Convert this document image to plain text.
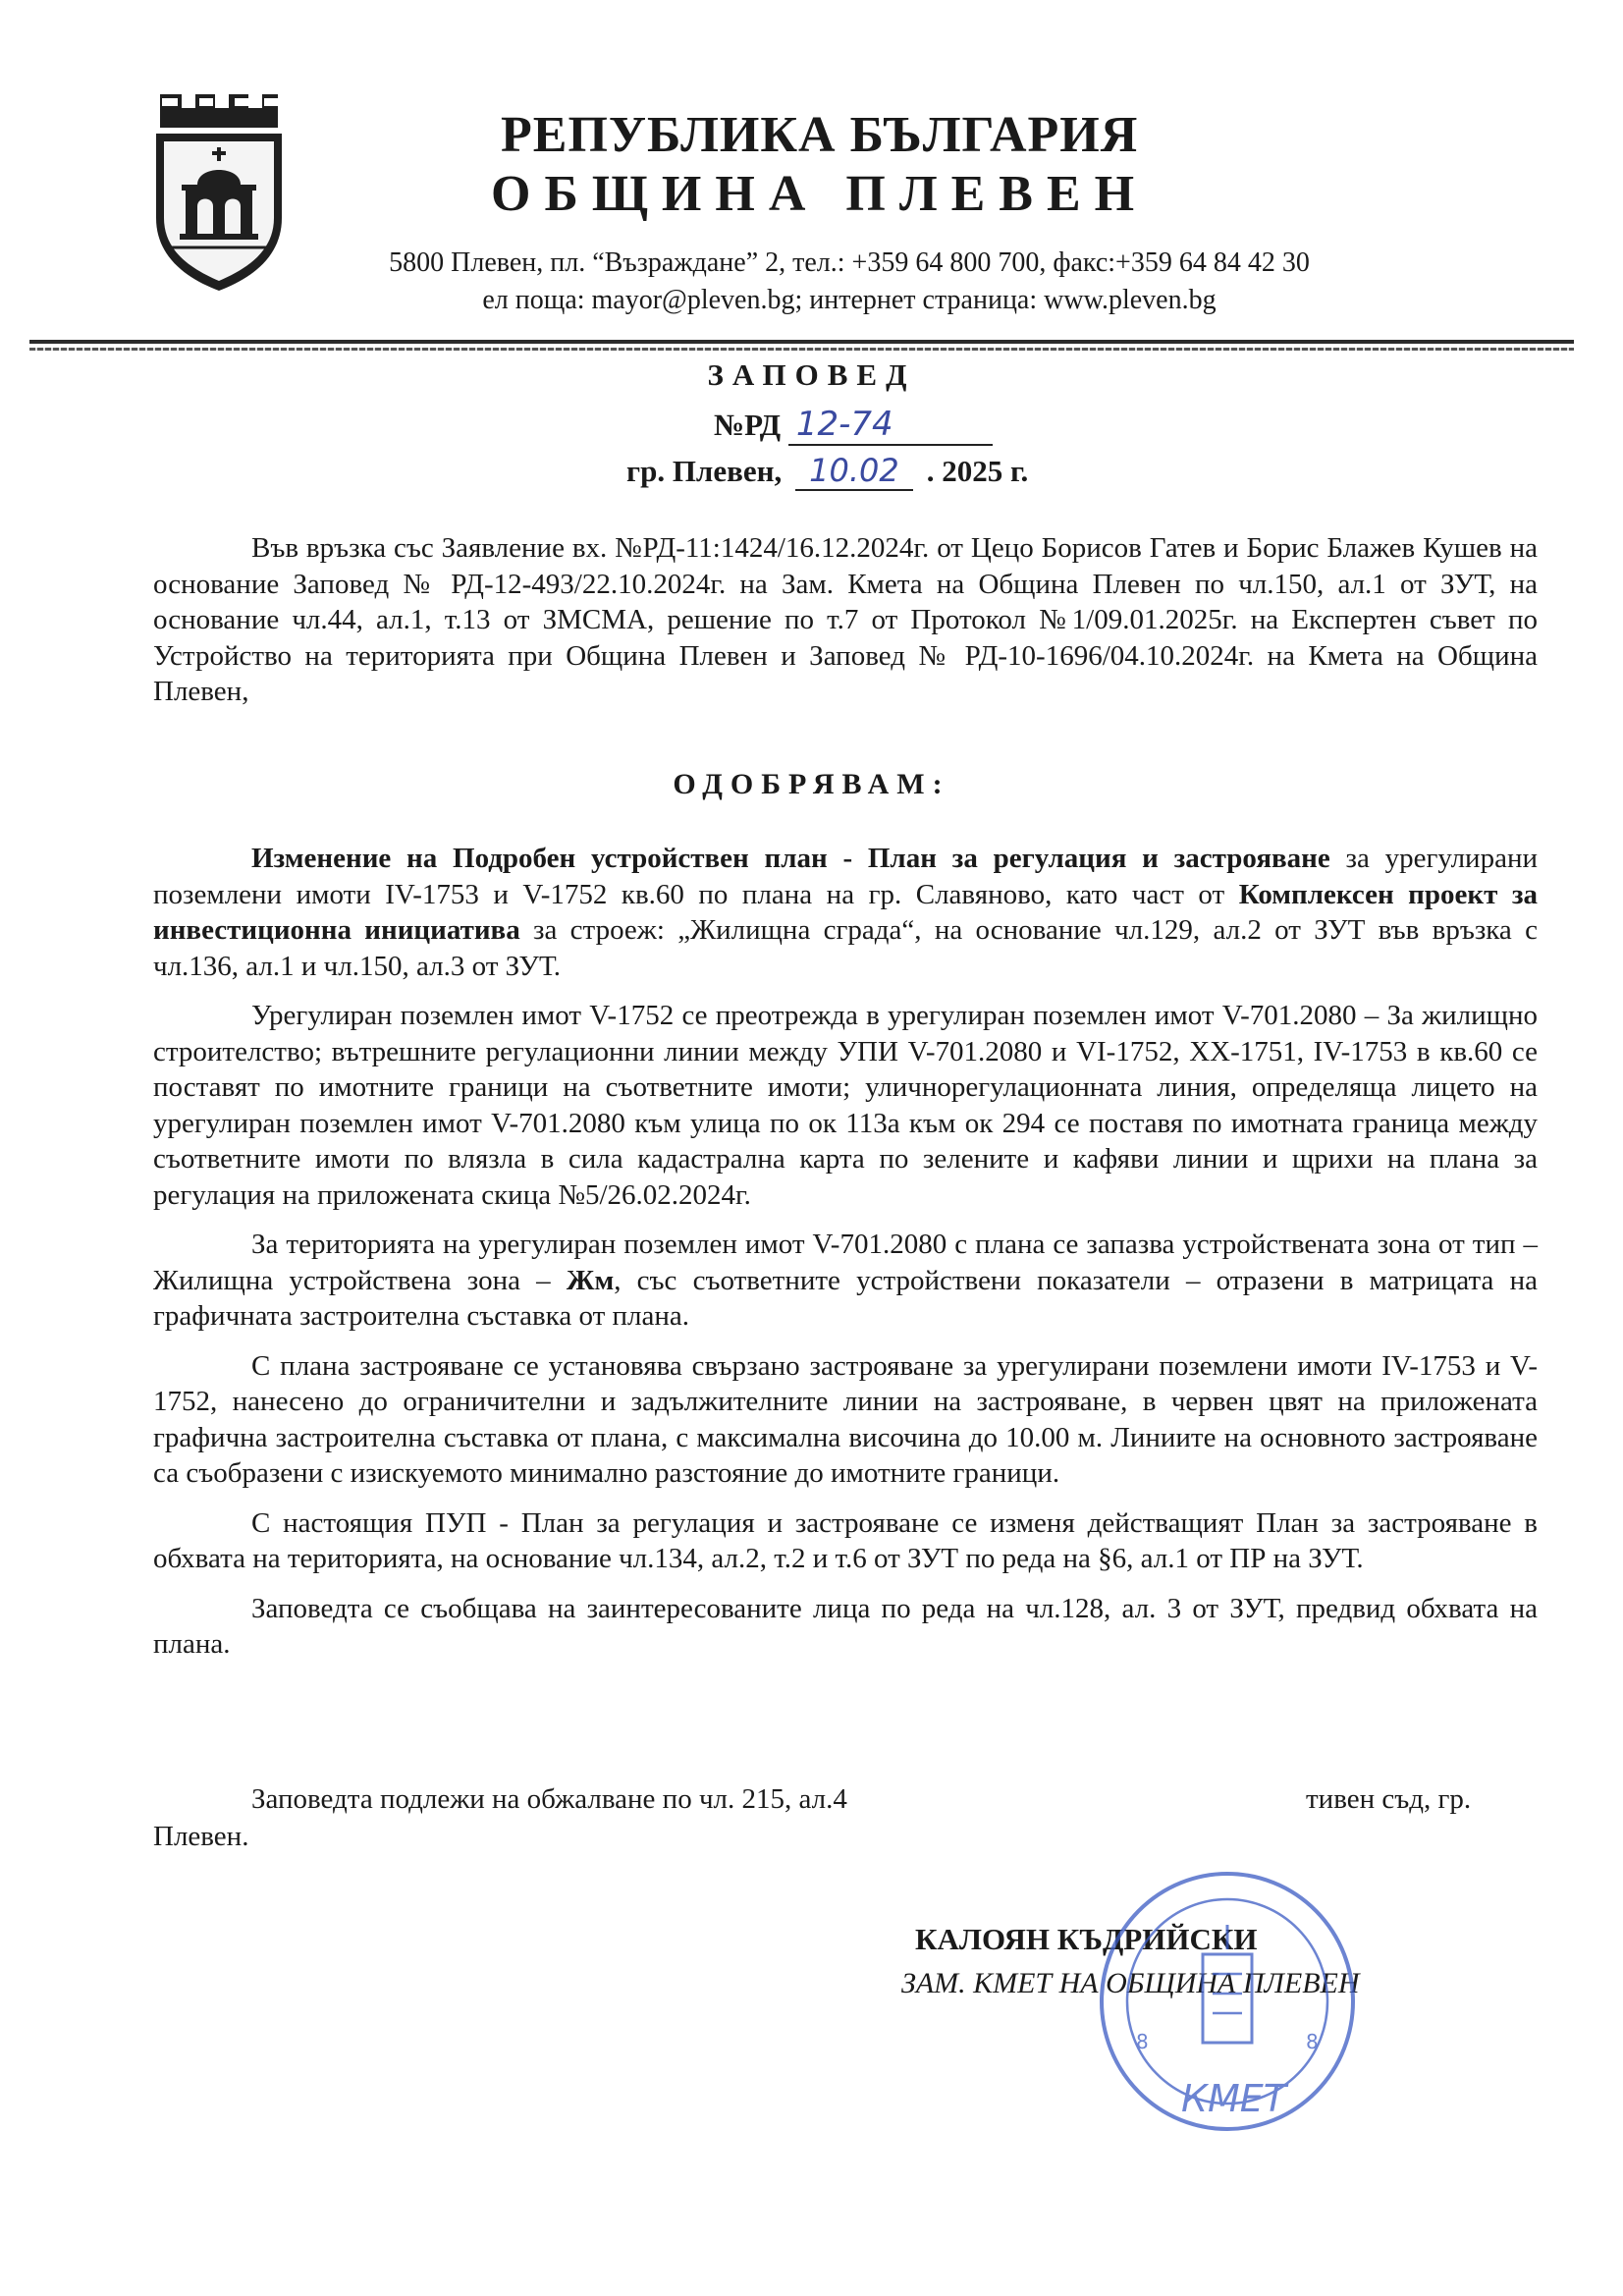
РЕПУБЛИКА БЪЛГАРИЯ
ОБЩИНА ПЛЕВЕН
5800 Плевен, пл. “Възраждане” 2, тел.: +359 64 800 700, факс:+359 64 84 42 30
ел поща: mayor@pleven.bg; интернет страница: www.pleven.bg
ЗАПОВЕД
№РД 12-74
гр. Плевен, 10.02 . 2025 г.

Във връзка със Заявление вх. №РД-11:1424/16.12.2024г. от Цецо Борисов Гатев и Борис Блажев Кушев на основание Заповед № РД-12-493/22.10.2024г. на Зам. Кмета на Община Плевен по чл.150, ал.1 от ЗУТ, на основание чл.44, ал.1, т.13 от ЗМСМА, решение по т.7 от Протокол №1/09.01.2025г. на Експертен съвет по Устройство на територията при Община Плевен и Заповед № РД-10-1696/04.10.2024г. на Кмета на Община Плевен,

ОДОБРЯВАМ:

Изменение на Подробен устройствен план - План за регулация и застрояване за урегулирани поземлени имоти IV-1753 и V-1752 кв.60 по плана на гр. Славяново, като част от Комплексен проект за инвестиционна инициатива за строеж: „Жилищна сграда“, на основание чл.129, ал.2 от ЗУТ във връзка с чл.136, ал.1 и чл.150, ал.3 от ЗУТ.

Урегулиран поземлен имот V-1752 се преотрежда в урегулиран поземлен имот V-701.2080 – За жилищно строителство; вътрешните регулационни линии между УПИ V-701.2080 и VI-1752, XX-1751, IV-1753 в кв.60 се поставят по имотните граници на съответните имоти; уличнорегулационната линия, определяща лицето на урегулиран поземлен имот V-701.2080 към улица по ок 113а към ок 294 се поставя по имотната граница между съответните имоти по влязла в сила кадастрална карта по зелените и кафяви линии и щрихи на плана за регулация на приложената скица №5/26.02.2024г.

За територията на урегулиран поземлен имот V-701.2080 с плана се запазва устройствената зона от тип – Жилищна устройствена зона – Жм, със съответните устройствени показатели – отразени в матрицата на графичната застроителна съставка от плана.

С плана застрояване се установява свързано застрояване за урегулирани поземлени имоти IV-1753 и V-1752, нанесено до ограничителни и задължителните линии на застрояване, в червен цвят на приложената графична застроителна съставка от плана, с максимална височина до 10.00 м. Линиите на основното застрояване са съобразени с изискуемото минимално разстояние до имотните граници.

С настоящия ПУП - План за регулация и застрояване се изменя действащият План за застрояване в обхвата на територията, на основание чл.134, ал.2, т.2 и т.6 от ЗУТ по реда на §6, ал.1 от ПР на ЗУТ.

Заповедта се съобщава на заинтересованите лица по реда на чл.128, ал. 3 от ЗУТ, предвид обхвата на плана.

Заповедта подлежи на обжалване по чл. 215, ал.4	тивен съд, гр.
Плевен.
КАЛОЯН КЪДРИЙСКИ
ЗАМ. КМЕТ НА ОБЩИНА ПЛЕВЕН
8	8
КМЕТ
